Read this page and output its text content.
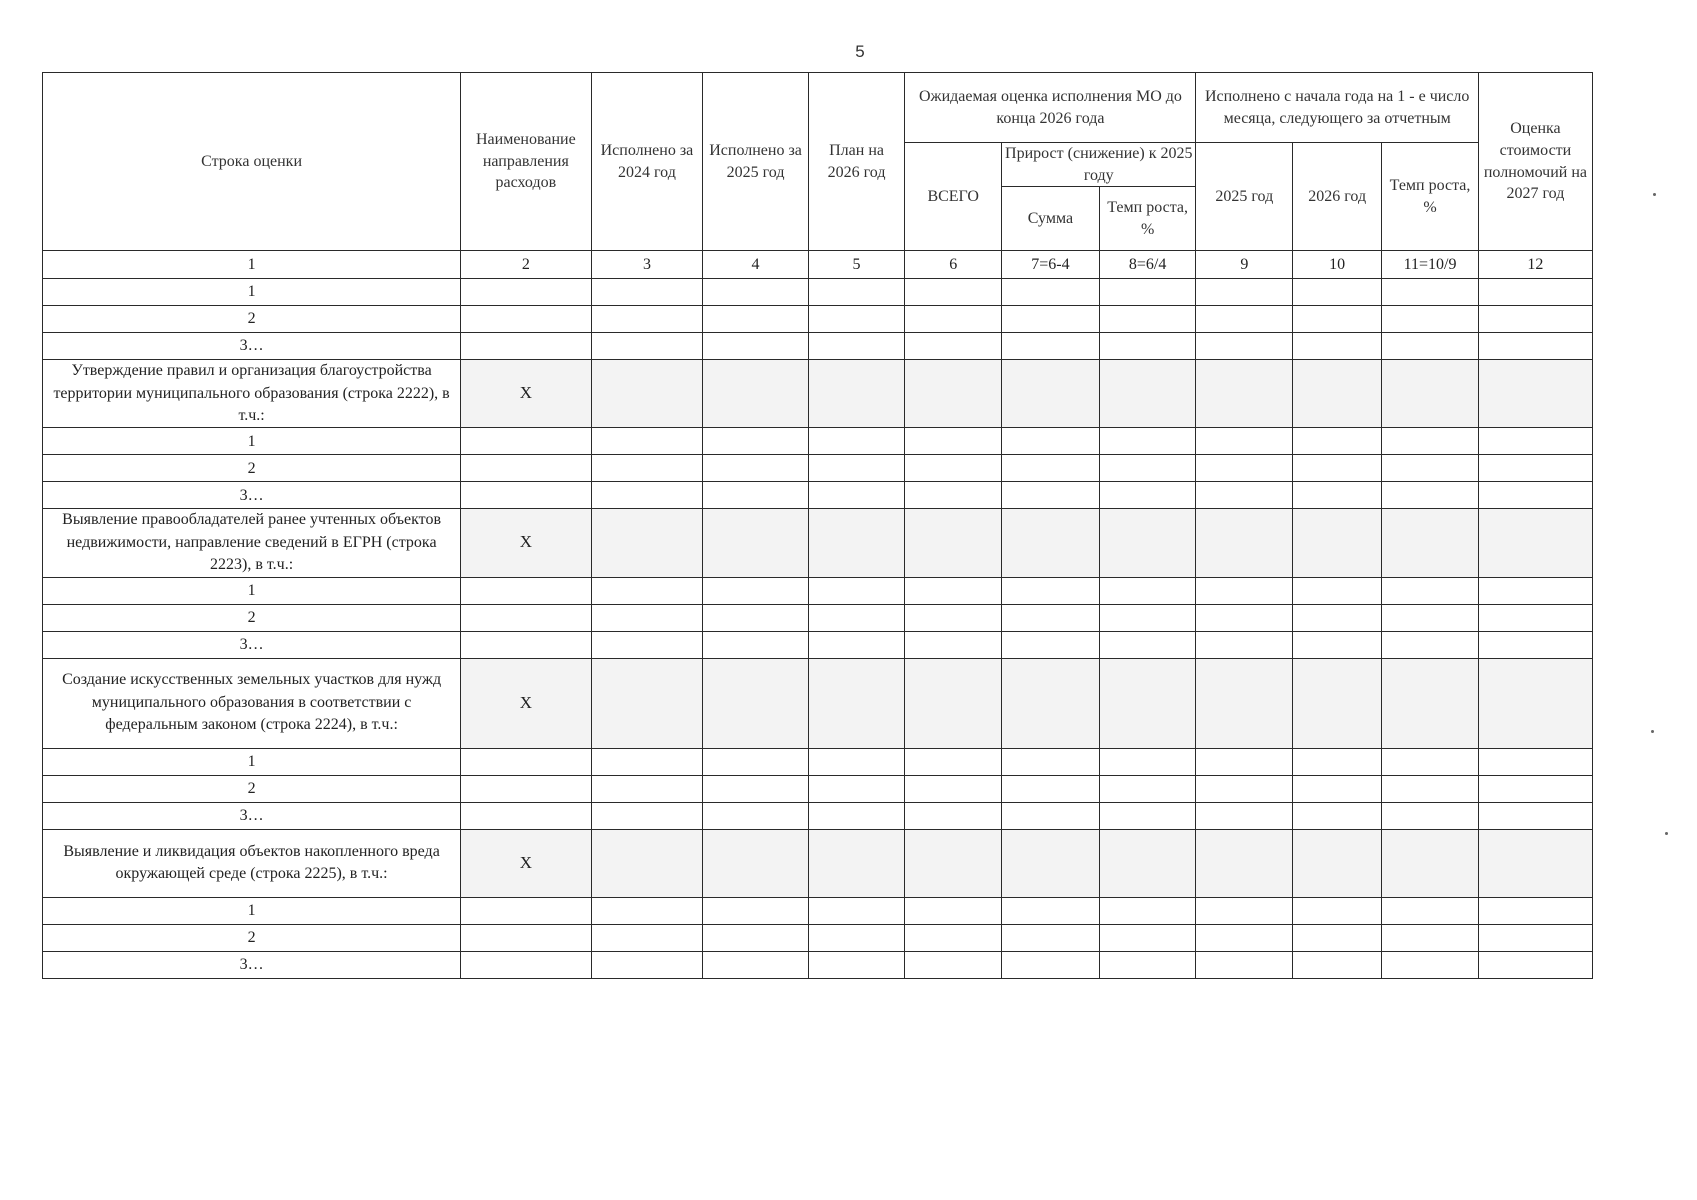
5
Строка оценки	Наименование направления расходов	Исполнено за 2024 год	Исполнено за 2025 год	План на 2026 год	Ожидаемая оценка исполнения МО до конца 2026 года			Исполнено с начала года на 1 - е число месяца, следующего за отчетным			Оценка стоимости полномочий на 2027 год
					ВСЕГО	Прирост (снижение) к 2025 году		2025 год	2026 год	Темп роста, %	
						Сумма	Темп роста, %				
1	2	3	4	5	6	7=6-4	8=6/4	9	10	11=10/9	12
1											
2											
3…											
Утверждение правил и организация благоустройства территории муниципального образования (строка 2222), в т.ч.:	Х										
1											
2											
3…											
Выявление правообладателей ранее учтенных объектов недвижимости, направление сведений в ЕГРН (строка 2223), в т.ч.:	Х										
1											
2											
3…											
Создание искусственных земельных участков для нужд муниципального образования в соответствии с федеральным законом (строка 2224), в т.ч.:	Х										
1											
2											
3…											
Выявление и ликвидация объектов накопленного вреда окружающей среде (строка 2225), в т.ч.:	Х										
1											
2											
3…											
